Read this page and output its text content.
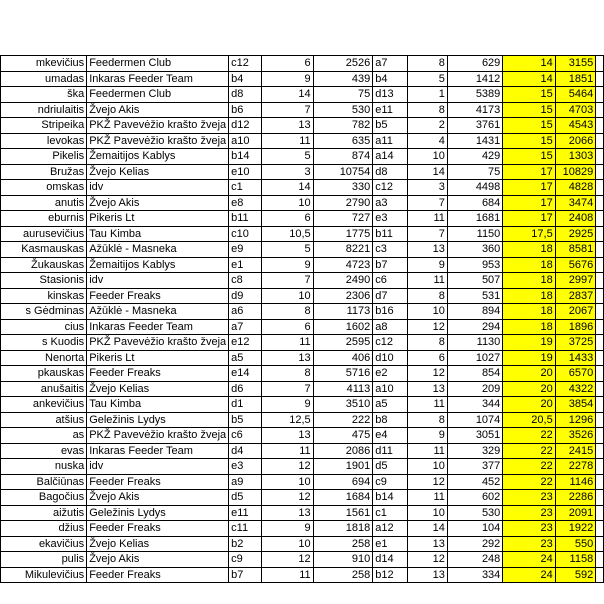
mkevičius	Feedermen Club	c12	6	2526	a7	8	629	14	3155	
umadas	Inkaras Feeder Team	b4	9	439	b4	5	1412	14	1851	
ška	Feedermen Club	d8	14	75	d13	1	5389	15	5464	
ndriulaitis	Žvejo Akis	b6	7	530	e11	8	4173	15	4703	
Stripeika	PKŽ Pavevėžio krašto žveja	d12	13	782	b5	2	3761	15	4543	
levokas	PKŽ Pavevėžio krašto žveja	a10	11	635	a11	4	1431	15	2066	
Pikelis	Žemaitijos Kablys	b14	5	874	a14	10	429	15	1303	
Bružas	Žvejo Kelias	e10	3	10754	d8	14	75	17	10829	
omskas	idv	c1	14	330	c12	3	4498	17	4828	
anutis	Žvejo Akis	e8	10	2790	a3	7	684	17	3474	
eburnis	Pikeris Lt	b11	6	727	e3	11	1681	17	2408	
aurusevičius	Tau Kimba	c10	10,5	1775	b11	7	1150	17,5	2925	
Kasmauskas	Ažūklė - Masneka	e9	5	8221	c3	13	360	18	8581	
Žukauskas	Žemaitijos Kablys	e1	9	4723	b7	9	953	18	5676	
Stasionis	idv	c8	7	2490	c6	11	507	18	2997	
kinskas	Feeder Freaks	d9	10	2306	d7	8	531	18	2837	
s Gėdminas	Ažūklė - Masneka	a6	8	1173	b16	10	894	18	2067	
cius	Inkaras Feeder Team	a7	6	1602	a8	12	294	18	1896	
s Kuodis	PKŽ Pavevėžio krašto žveja	e12	11	2595	c12	8	1130	19	3725	
Nenorta	Pikeris Lt	a5	13	406	d10	6	1027	19	1433	
pkauskas	Feeder Freaks	e14	8	5716	e2	12	854	20	6570	
anušaitis	Žvejo Kelias	d6	7	4113	a10	13	209	20	4322	
ankevičius	Tau Kimba	d1	9	3510	a5	11	344	20	3854	
atšius	Geležinis Lydys	b5	12,5	222	b8	8	1074	20,5	1296	
as	PKŽ Pavevėžio krašto žveja	c6	13	475	e4	9	3051	22	3526	
evas	Inkaras Feeder Team	d4	11	2086	d11	11	329	22	2415	
nuska	idv	e3	12	1901	d5	10	377	22	2278	
Balčiūnas	Feeder Freaks	a9	10	694	c9	12	452	22	1146	
Bagočius	Žvejo Akis	d5	12	1684	b14	11	602	23	2286	
aižutis	Geležinis Lydys	e11	13	1561	c1	10	530	23	2091	
džius	Feeder Freaks	c11	9	1818	a12	14	104	23	1922	
ekavičius	Žvejo Kelias	b2	10	258	e1	13	292	23	550	
pulis	Žvejo Akis	c9	12	910	d14	12	248	24	1158	
Mikulevičius	Feeder Freaks	b7	11	258	b12	13	334	24	592	
